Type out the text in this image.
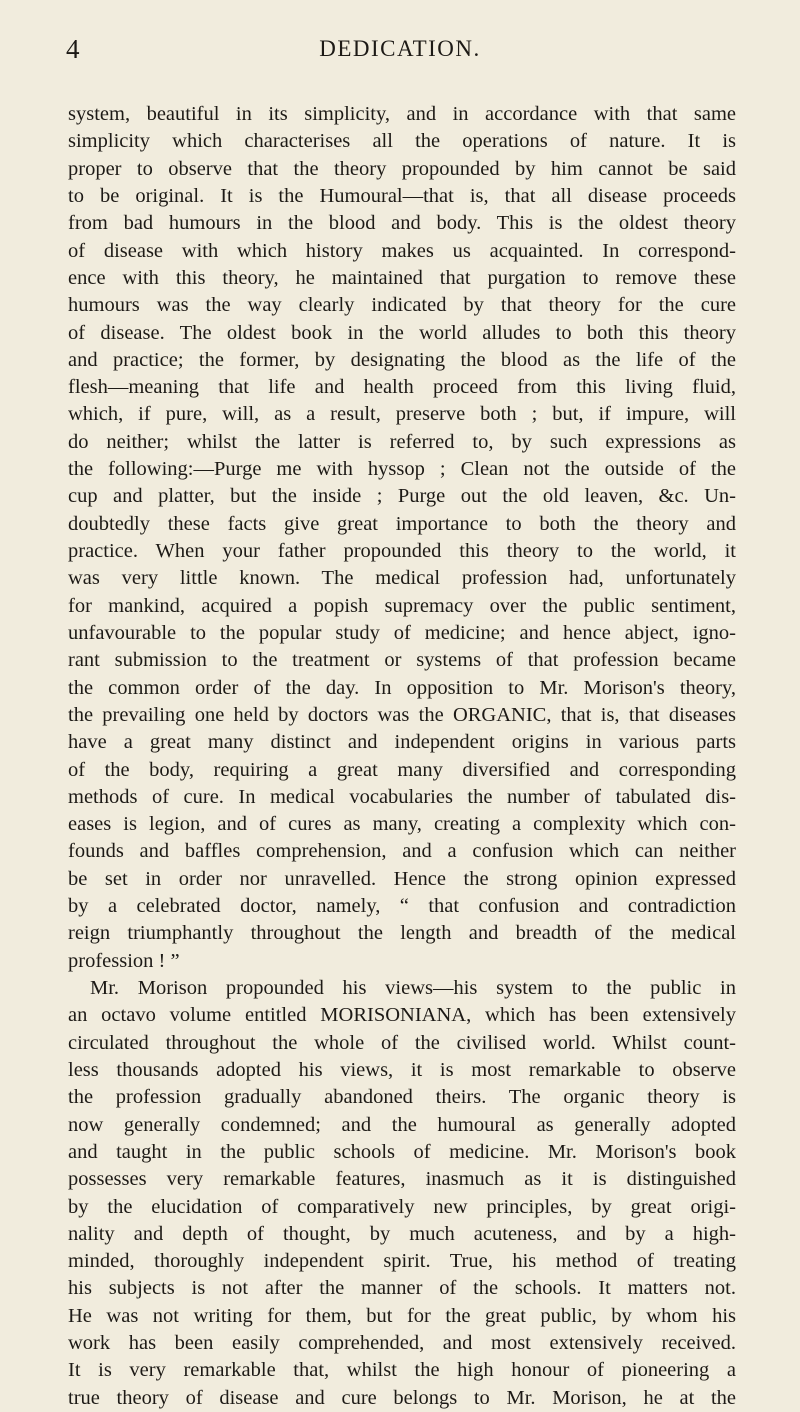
4	DEDICATION.
system, beautiful in its simplicity, and in accordance with that same
simplicity which characterises all the operations of nature. It is
proper to observe that the theory propounded by him cannot be said
to be original. It is the Humoural—that is, that all disease proceeds
from bad humours in the blood and body. This is the oldest theory
of disease with which history makes us acquainted. In correspond-
ence with this theory, he maintained that purgation to remove these
humours was the way clearly indicated by that theory for the cure
of disease. The oldest book in the world alludes to both this theory
and practice; the former, by designating the blood as the life of the
flesh—meaning that life and health proceed from this living fluid,
which, if pure, will, as a result, preserve both ; but, if impure, will
do neither; whilst the latter is referred to, by such expressions as
the following:—Purge me with hyssop ; Clean not the outside of the
cup and platter, but the inside ; Purge out the old leaven, &c. Un-
doubtedly these facts give great importance to both the theory and
practice. When your father propounded this theory to the world, it
was very little known. The medical profession had, unfortunately
for mankind, acquired a popish supremacy over the public sentiment,
unfavourable to the popular study of medicine; and hence abject, igno-
rant submission to the treatment or systems of that profession became
the common order of the day. In opposition to Mr. Morison's theory,
the prevailing one held by doctors was the ORGANIC, that is, that diseases
have a great many distinct and independent origins in various parts
of the body, requiring a great many diversified and corresponding
methods of cure. In medical vocabularies the number of tabulated dis-
eases is legion, and of cures as many, creating a complexity which con-
founds and baffles comprehension, and a confusion which can neither
be set in order nor unravelled. Hence the strong opinion expressed
by a celebrated doctor, namely, “ that confusion and contradiction
reign triumphantly throughout the length and breadth of the medical
profession ! ”
Mr. Morison propounded his views—his system to the public in
an octavo volume entitled MORISONIANA, which has been extensively
circulated throughout the whole of the civilised world. Whilst count-
less thousands adopted his views, it is most remarkable to observe
the profession gradually abandoned theirs. The organic theory is
now generally condemned; and the humoural as generally adopted
and taught in the public schools of medicine. Mr. Morison's book
possesses very remarkable features, inasmuch as it is distinguished
by the elucidation of comparatively new principles, by great origi-
nality and depth of thought, by much acuteness, and by a high-
minded, thoroughly independent spirit. True, his method of treating
his subjects is not after the manner of the schools. It matters not.
He was not writing for them, but for the great public, by whom his
work has been easily comprehended, and most extensively received.
It is very remarkable that, whilst the high honour of pioneering a
true theory of disease and cure belongs to Mr. Morison, he at the
